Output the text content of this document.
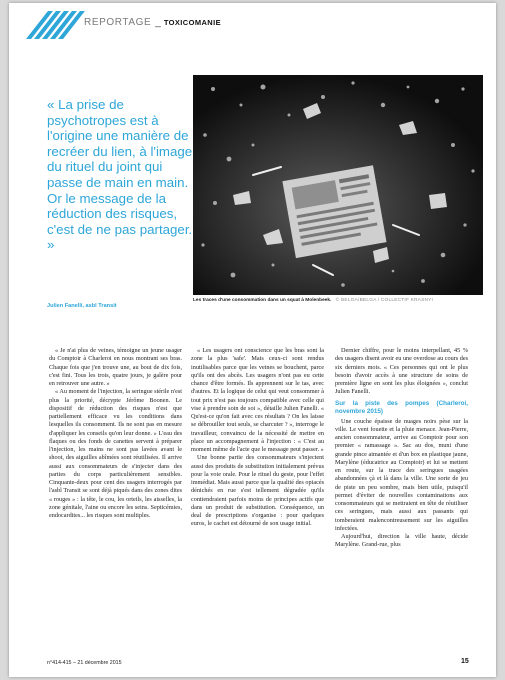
REPORTAGE _ TOXICOMANIE
« La prise de psychotropes est à l'origine une manière de recréer du lien, à l'image du rituel du joint qui passe de main en main. Or le message de la réduction des risques, c'est de ne pas partager. »
Julien Fanelli, asbl Transit
Les traces d'une consommation dans un squat à Molenbeek. © BELGA/BELGA / COLLECTIF KRASNYI

« Je n'ai plus de veines, témoigne un jeune usager du Comptoir à Charleroi en nous montrant ses bras. Chaque fois que j'en trouve une, au bout de dix fois, c'est fini. Tous les trois, quatre jours, je galère pour en retrouver une autre. »

« Au moment de l'injection, la seringue stérile n'est plus la priorité, décrypte Jérôme Boonen. Le dispositif de réduction des risques n'est que partiellement efficace vu les conditions dans lesquelles ils consomment. Ils ne sont pas en mesure d'appliquer les conseils qu'on leur donne. » L'eau des flaques ou des fonds de canettes servent à préparer l'injection, les mains ne sont pas lavées avant le shoot, des aiguilles abîmées sont réutilisées. Il arrive aussi aux consommateurs de s'injecter dans des parties du corps particulièrement sensibles. Cinquante-deux pour cent des usagers interrogés par l'asbl Transit se sont déjà piqués dans des zones dites « rouges » : la tête, le cou, les orteils, les aisselles, la zone génitale, l'aine ou encore les seins. Septicémies, endocardites... les risques sont multiples.

« Les usagers ont conscience que les bras sont la zone la plus 'safe'. Mais ceux-ci sont rendus inutilisables parce que les veines se bouchent, parce qu'ils ont des abcès. Les usagers n'ont pas eu cette chance d'être formés. Ils apprennent sur le tas, avec d'autres. Et la logique de celui qui veut consommer à tout prix n'est pas toujours compatible avec celle qui vise à prendre soin de soi », détaille Julien Fanelli. « Qu'est-ce qu'on fait avec ces résultats ? On les laisse se débrouiller tout seuls, se charcuter ? », interroge le travailleur, convaincu de la nécessité de mettre en place un accompagnement à l'injection : « C'est au moment même de l'acte que le message peut passer. »

Une bonne partie des consommateurs s'injectent aussi des produits de substitution initialement prévus pour la voie orale. Pour le rituel du geste, pour l'effet immédiat. Mais aussi parce que la qualité des opiacés dénichés en rue s'est tellement dégradée qu'ils contiendraient parfois moins de principes actifs que dans un produit de substitution. Conséquence, un deal de prescriptions s'organise : pour quelques euros, le cachet est détourné de son usage initial.

Dernier chiffre, pour le moins interpellant, 45 % des usagers disent avoir eu une overdose au cours des six derniers mois. « Ces personnes qui ont le plus besoin d'avoir accès à une structure de soins de première ligne en sont les plus éloignées », conclut Julien Fanelli.

Sur la piste des pompes (Charleroi, novembre 2015)

Une couche épaisse de nuages noirs pèse sur la ville. Le vent fouette et la pluie menace. Jean-Pierre, ancien consommateur, arrive au Comptoir pour son premier « ramassage ». Sac au dos, muni d'une grande pince aimantée et d'un box en plastique jaune, Marylène (éducatrice au Comptoir) et lui se mettent en route, sur la trace des seringues usagées abandonnées çà et là dans la ville. Une sorte de jeu de piste un peu sombre, mais bien utile, puisqu'il permet d'éviter de nouvelles contaminations aux consommateurs qui se mettraient en tête de réutiliser ces seringues, mais aussi aux passants qui tomberaient malencontreusement sur les aiguilles infectées.

Aujourd'hui, direction la ville haute, décide Marylène. Grand-rue, plus

n°414-415 – 21 décembre 2015	15
